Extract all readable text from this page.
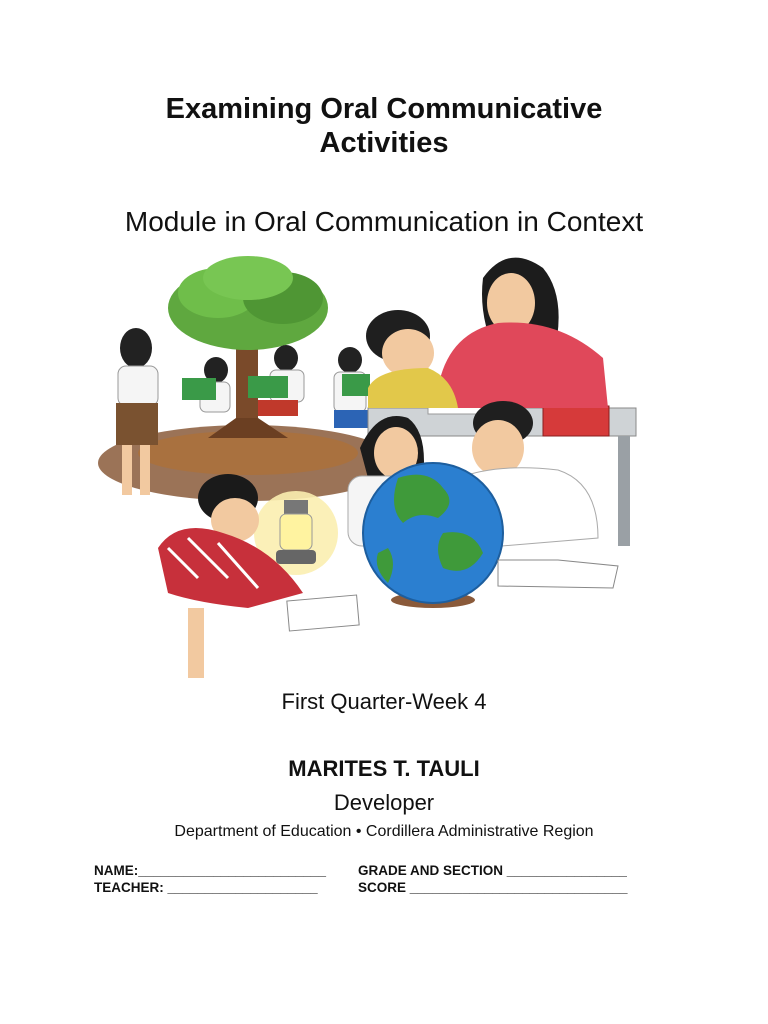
Examining Oral Communicative
Activities
Module in Oral Communication in Context
First Quarter-Week 4
MARITES T. TAULI
Developer
Department of Education • Cordillera Administrative Region
NAME:_________________________ GRADE AND SECTION ________________
TEACHER: ____________________	SCORE _____________________________
